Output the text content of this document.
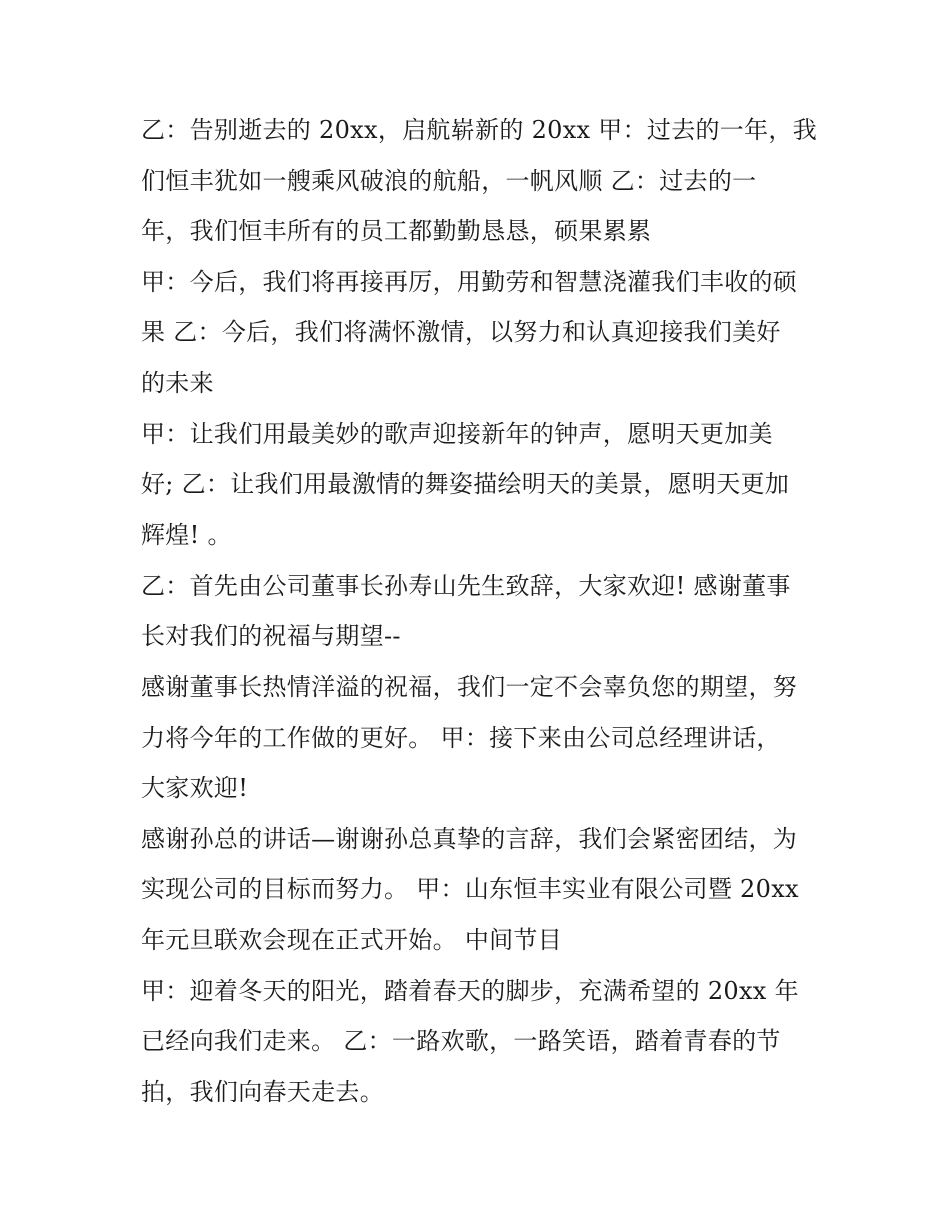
乙：告别逝去的 20xx，启航崭新的 20xx 甲：过去的一年，我
们恒丰犹如一艘乘风破浪的航船，一帆风顺 乙：过去的一
年，我们恒丰所有的员工都勤勤恳恳，硕果累累
甲：今后，我们将再接再厉，用勤劳和智慧浇灌我们丰收的硕
果 乙：今后，我们将满怀激情，以努力和认真迎接我们美好
的未来
甲：让我们用最美妙的歌声迎接新年的钟声，愿明天更加美
好; 乙：让我们用最激情的舞姿描绘明天的美景，愿明天更加
辉煌! 。
乙：首先由公司董事长孙寿山先生致辞，大家欢迎! 感谢董事
长对我们的祝福与期望--
感谢董事长热情洋溢的祝福，我们一定不会辜负您的期望，努
力将今年的工作做的更好。 甲：接下来由公司总经理讲话，
大家欢迎!
感谢孙总的讲话—谢谢孙总真挚的言辞，我们会紧密团结，为
实现公司的目标而努力。 甲：山东恒丰实业有限公司暨 20xx
年元旦联欢会现在正式开始。 中间节目
甲：迎着冬天的阳光，踏着春天的脚步，充满希望的 20xx 年
已经向我们走来。 乙：一路欢歌，一路笑语，踏着青春的节
拍，我们向春天走去。
